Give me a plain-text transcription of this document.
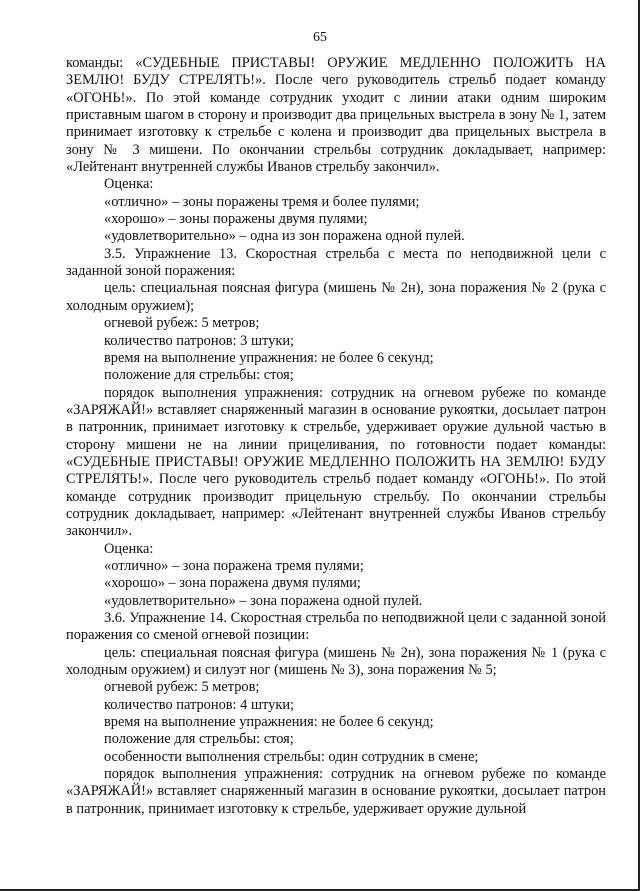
65

команды: «СУДЕБНЫЕ ПРИСТАВЫ! ОРУЖИЕ МЕДЛЕННО ПОЛОЖИТЬ НА ЗЕМЛЮ! БУДУ СТРЕЛЯТЬ!». После чего руководитель стрельб подает команду «ОГОНЬ!». По этой команде сотрудник уходит с линии атаки одним широким приставным шагом в сторону и производит два прицельных выстрела в зону № 1, затем принимает изготовку к стрельбе с колена и производит два прицельных выстрела в зону № 3 мишени. По окончании стрельбы сотрудник докладывает, например: «Лейтенант внутренней службы Иванов стрельбу закончил».

Оценка:

«отлично» – зоны поражены тремя и более пулями;

«хорошо» – зоны поражены двумя пулями;

«удовлетворительно» – одна из зон поражена одной пулей.

3.5. Упражнение 13. Скоростная стрельба с места по неподвижной цели с заданной зоной поражения:

цель: специальная поясная фигура (мишень № 2н), зона поражения № 2 (рука с холодным оружием);

огневой рубеж: 5 метров;

количество патронов: 3 штуки;

время на выполнение упражнения: не более 6 секунд;

положение для стрельбы: стоя;

порядок выполнения упражнения: сотрудник на огневом рубеже по команде «ЗАРЯЖАЙ!» вставляет снаряженный магазин в основание рукоятки, досылает патрон в патронник, принимает изготовку к стрельбе, удерживает оружие дульной частью в сторону мишени не на линии прицеливания, по готовности подает команды: «СУДЕБНЫЕ ПРИСТАВЫ! ОРУЖИЕ МЕДЛЕННО ПОЛОЖИТЬ НА ЗЕМЛЮ! БУДУ СТРЕЛЯТЬ!». После чего руководитель стрельб подает команду «ОГОНЬ!». По этой команде сотрудник производит прицельную стрельбу. По окончании стрельбы сотрудник докладывает, например: «Лейтенант внутренней службы Иванов стрельбу закончил».

Оценка:

«отлично» – зона поражена тремя пулями;

«хорошо» – зона поражена двумя пулями;

«удовлетворительно» – зона поражена одной пулей.

3.6. Упражнение 14. Скоростная стрельба по неподвижной цели с заданной зоной поражения со сменой огневой позиции:

цель: специальная поясная фигура (мишень № 2н), зона поражения № 1 (рука с холодным оружием) и силуэт ног (мишень № 3), зона поражения № 5;

огневой рубеж: 5 метров;

количество патронов: 4 штуки;

время на выполнение упражнения: не более 6 секунд;

положение для стрельбы: стоя;

особенности выполнения стрельбы: один сотрудник в смене;

порядок выполнения упражнения: сотрудник на огневом рубеже по команде «ЗАРЯЖАЙ!» вставляет снаряженный магазин в основание рукоятки, досылает патрон в патронник, принимает изготовку к стрельбе, удерживает оружие дульной
